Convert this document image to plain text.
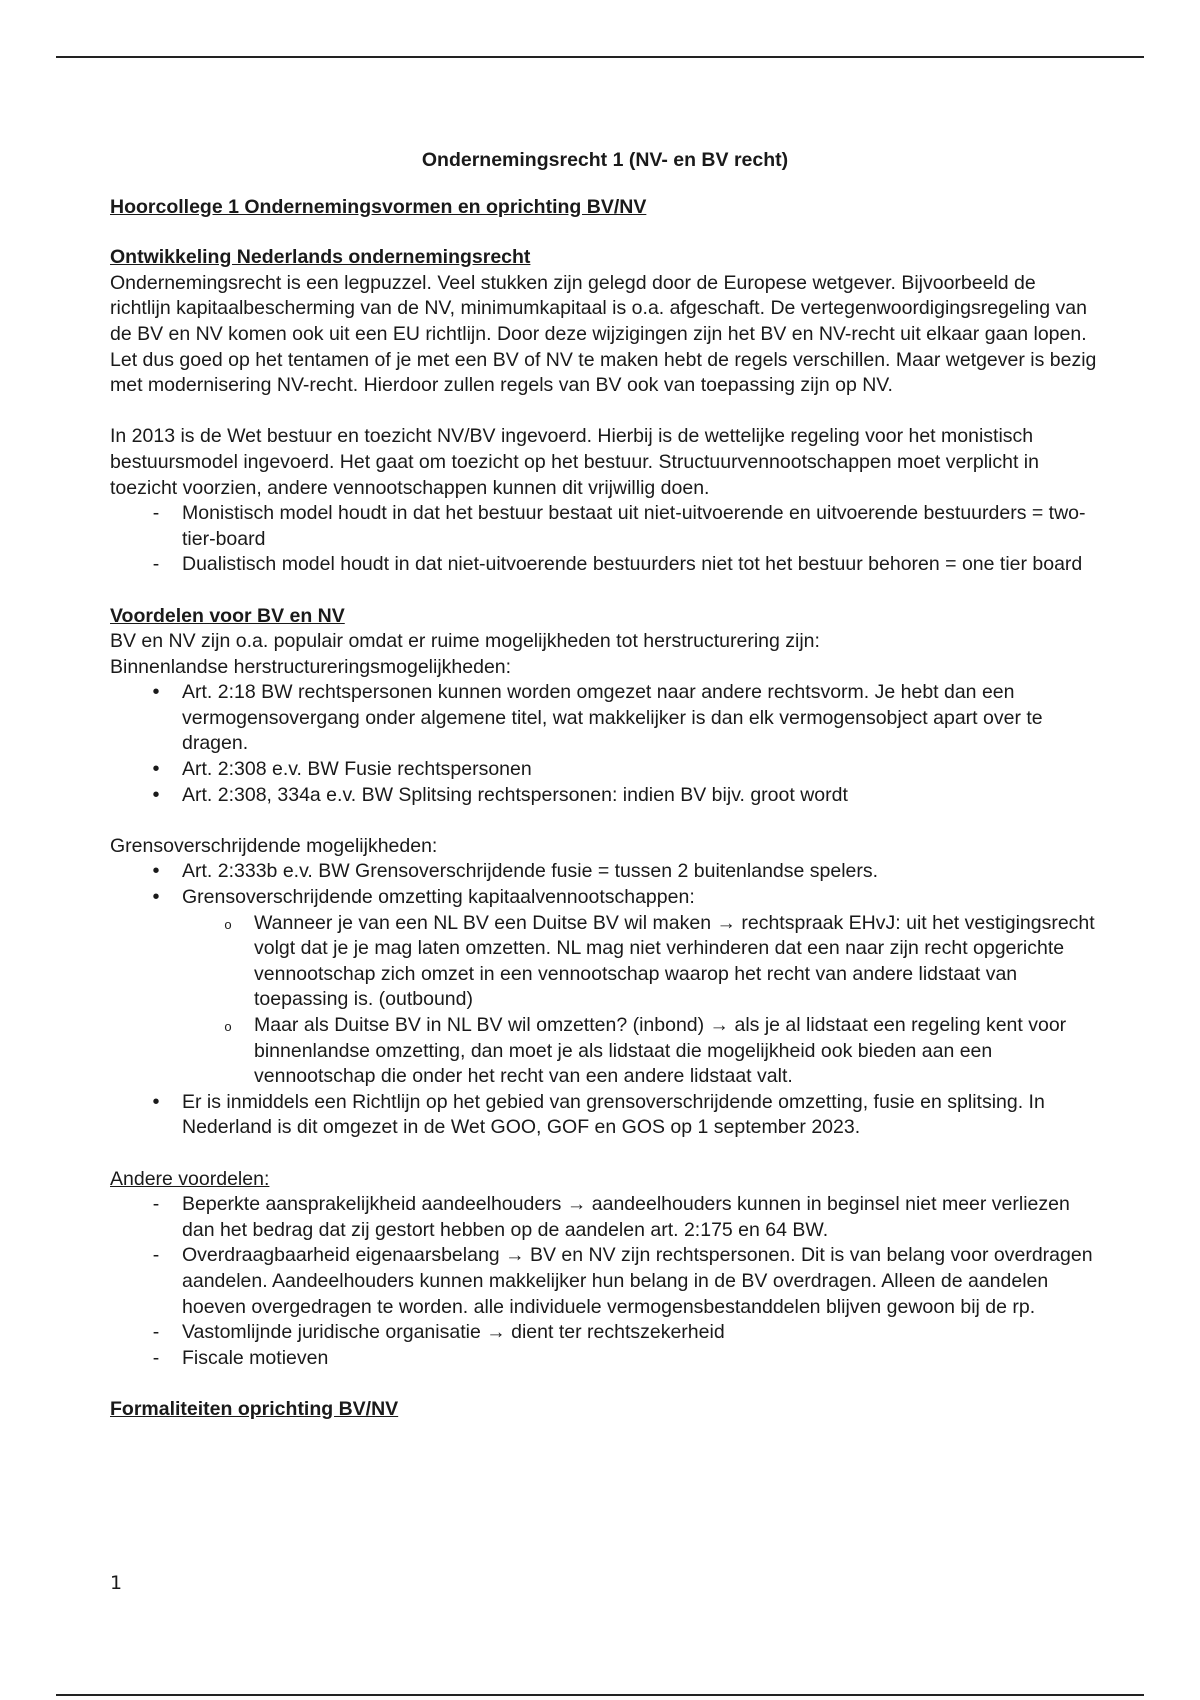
Ondernemingsrecht 1 (NV- en BV recht)

Hoorcollege 1 Ondernemingsvormen en oprichting BV/NV

Ontwikkeling Nederlands ondernemingsrecht

Ondernemingsrecht is een legpuzzel. Veel stukken zijn gelegd door de Europese wetgever. Bijvoorbeeld de richtlijn kapitaalbescherming van de NV, minimumkapitaal is o.a. afgeschaft. De vertegenwoordigingsregeling van de BV en NV komen ook uit een EU richtlijn. Door deze wijzigingen zijn het BV en NV-recht uit elkaar gaan lopen. Let dus goed op het tentamen of je met een BV of NV te maken hebt de regels verschillen. Maar wetgever is bezig met modernisering NV-recht. Hierdoor zullen regels van BV ook van toepassing zijn op NV.

In 2013 is de Wet bestuur en toezicht NV/BV ingevoerd. Hierbij is de wettelijke regeling voor het monistisch bestuursmodel ingevoerd. Het gaat om toezicht op het bestuur. Structuurvennootschappen moet verplicht in toezicht voorzien, andere vennootschappen kunnen dit vrijwillig doen.

-
Monistisch model houdt in dat het bestuur bestaat uit niet-uitvoerende en uitvoerende bestuurders = two-tier-board
-
Dualistisch model houdt in dat niet-uitvoerende bestuurders niet tot het bestuur behoren = one tier board

Voordelen voor BV en NV

BV en NV zijn o.a. populair omdat er ruime mogelijkheden tot herstructurering zijn:

Binnenlandse herstructureringsmogelijkheden:

•
Art. 2:18 BW rechtspersonen kunnen worden omgezet naar andere rechtsvorm. Je hebt dan een vermogensovergang onder algemene titel, wat makkelijker is dan elk vermogensobject apart over te dragen.
•
Art. 2:308 e.v. BW Fusie rechtspersonen
•
Art. 2:308, 334a e.v. BW Splitsing rechtspersonen: indien BV bijv. groot wordt

Grensoverschrijdende mogelijkheden:

•
Art. 2:333b e.v. BW Grensoverschrijdende fusie = tussen 2 buitenlandse spelers.
•
Grensoverschrijdende omzetting kapitaalvennootschappen:
o
Wanneer je van een NL BV een Duitse BV wil maken → rechtspraak EHvJ: uit het vestigingsrecht volgt dat je je mag laten omzetten. NL mag niet verhinderen dat een naar zijn recht opgerichte vennootschap zich omzet in een vennootschap waarop het recht van andere lidstaat van toepassing is. (outbound)
o
Maar als Duitse BV in NL BV wil omzetten? (inbond) → als je al lidstaat een regeling kent voor binnenlandse omzetting, dan moet je als lidstaat die mogelijkheid ook bieden aan een vennootschap die onder het recht van een andere lidstaat valt.
•
Er is inmiddels een Richtlijn op het gebied van grensoverschrijdende omzetting, fusie en splitsing. In Nederland is dit omgezet in de Wet GOO, GOF en GOS op 1 september 2023.

Andere voordelen:

-
Beperkte aansprakelijkheid aandeelhouders → aandeelhouders kunnen in beginsel niet meer verliezen dan het bedrag dat zij gestort hebben op de aandelen art. 2:175 en 64 BW.
-
Overdraagbaarheid eigenaarsbelang → BV en NV zijn rechtspersonen. Dit is van belang voor overdragen aandelen. Aandeelhouders kunnen makkelijker hun belang in de BV overdragen. Alleen de aandelen hoeven overgedragen te worden. alle individuele vermogensbestanddelen blijven gewoon bij de rp.
-
Vastomlijnde juridische organisatie → dient ter rechtszekerheid
-
Fiscale motieven

Formaliteiten oprichting BV/NV

1
